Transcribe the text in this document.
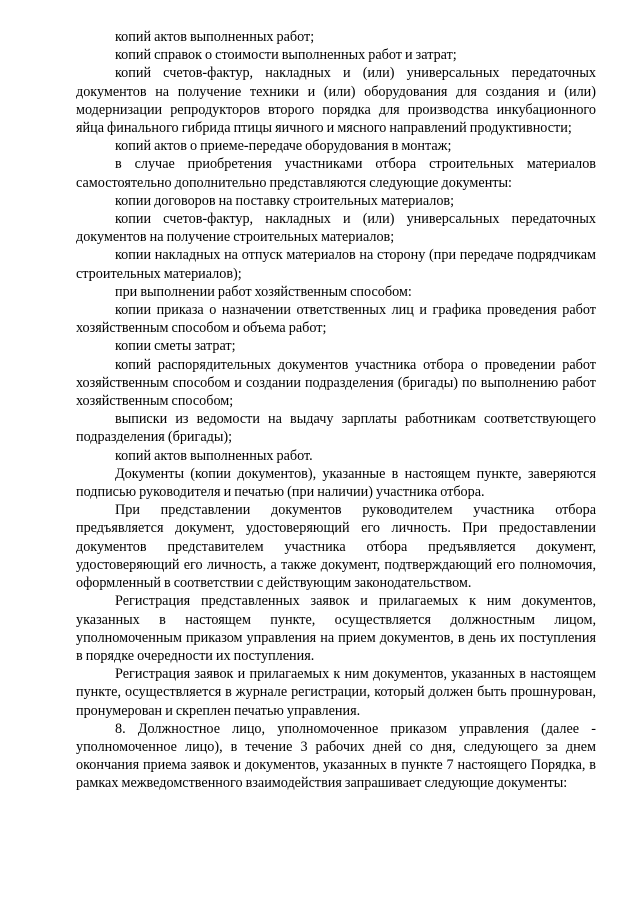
копий актов выполненных работ;

копий справок о стоимости выполненных работ и затрат;

копий счетов-фактур, накладных и (или) универсальных передаточных документов на получение техники и (или) оборудования для создания и (или) модернизации репродукторов второго порядка для производства инкубационного яйца финального гибрида птицы яичного и мясного направлений продуктивности;

копий актов о приеме-передаче оборудования в монтаж;

в случае приобретения участниками отбора строительных материалов самостоятельно дополнительно представляются следующие документы:

копии договоров на поставку строительных материалов;

копии счетов-фактур, накладных и (или) универсальных передаточных документов на получение строительных материалов;

копии накладных на отпуск материалов на сторону (при передаче подрядчикам строительных материалов);

при выполнении работ хозяйственным способом:

копии приказа о назначении ответственных лиц и графика проведения работ хозяйственным способом и объема работ;

копии сметы затрат;

копий распорядительных документов участника отбора о проведении работ хозяйственным способом и создании подразделения (бригады) по выполнению работ хозяйственным способом;

выписки из ведомости на выдачу зарплаты работникам соответствующего подразделения (бригады);

копий актов выполненных работ.

Документы (копии документов), указанные в настоящем пункте, заверяются подписью руководителя и печатью (при наличии) участника отбора.

При представлении документов руководителем участника отбора предъявляется документ, удостоверяющий его личность. При предоставлении документов представителем участника отбора предъявляется документ, удостоверяющий его личность, а также документ, подтверждающий его полномочия, оформленный в соответствии с действующим законодательством.

Регистрация представленных заявок и прилагаемых к ним документов, указанных в настоящем пункте, осуществляется должностным лицом, уполномоченным приказом управления на прием документов, в день их поступления в порядке очередности их поступления.

Регистрация заявок и прилагаемых к ним документов, указанных в настоящем пункте, осуществляется в журнале регистрации, который должен быть прошнурован, пронумерован и скреплен печатью управления.

8. Должностное лицо, уполномоченное приказом управления (далее - уполномоченное лицо), в течение 3 рабочих дней со дня, следующего за днем окончания приема заявок и документов, указанных в пункте 7 настоящего Порядка, в рамках межведомственного взаимодействия запрашивает следующие документы:
